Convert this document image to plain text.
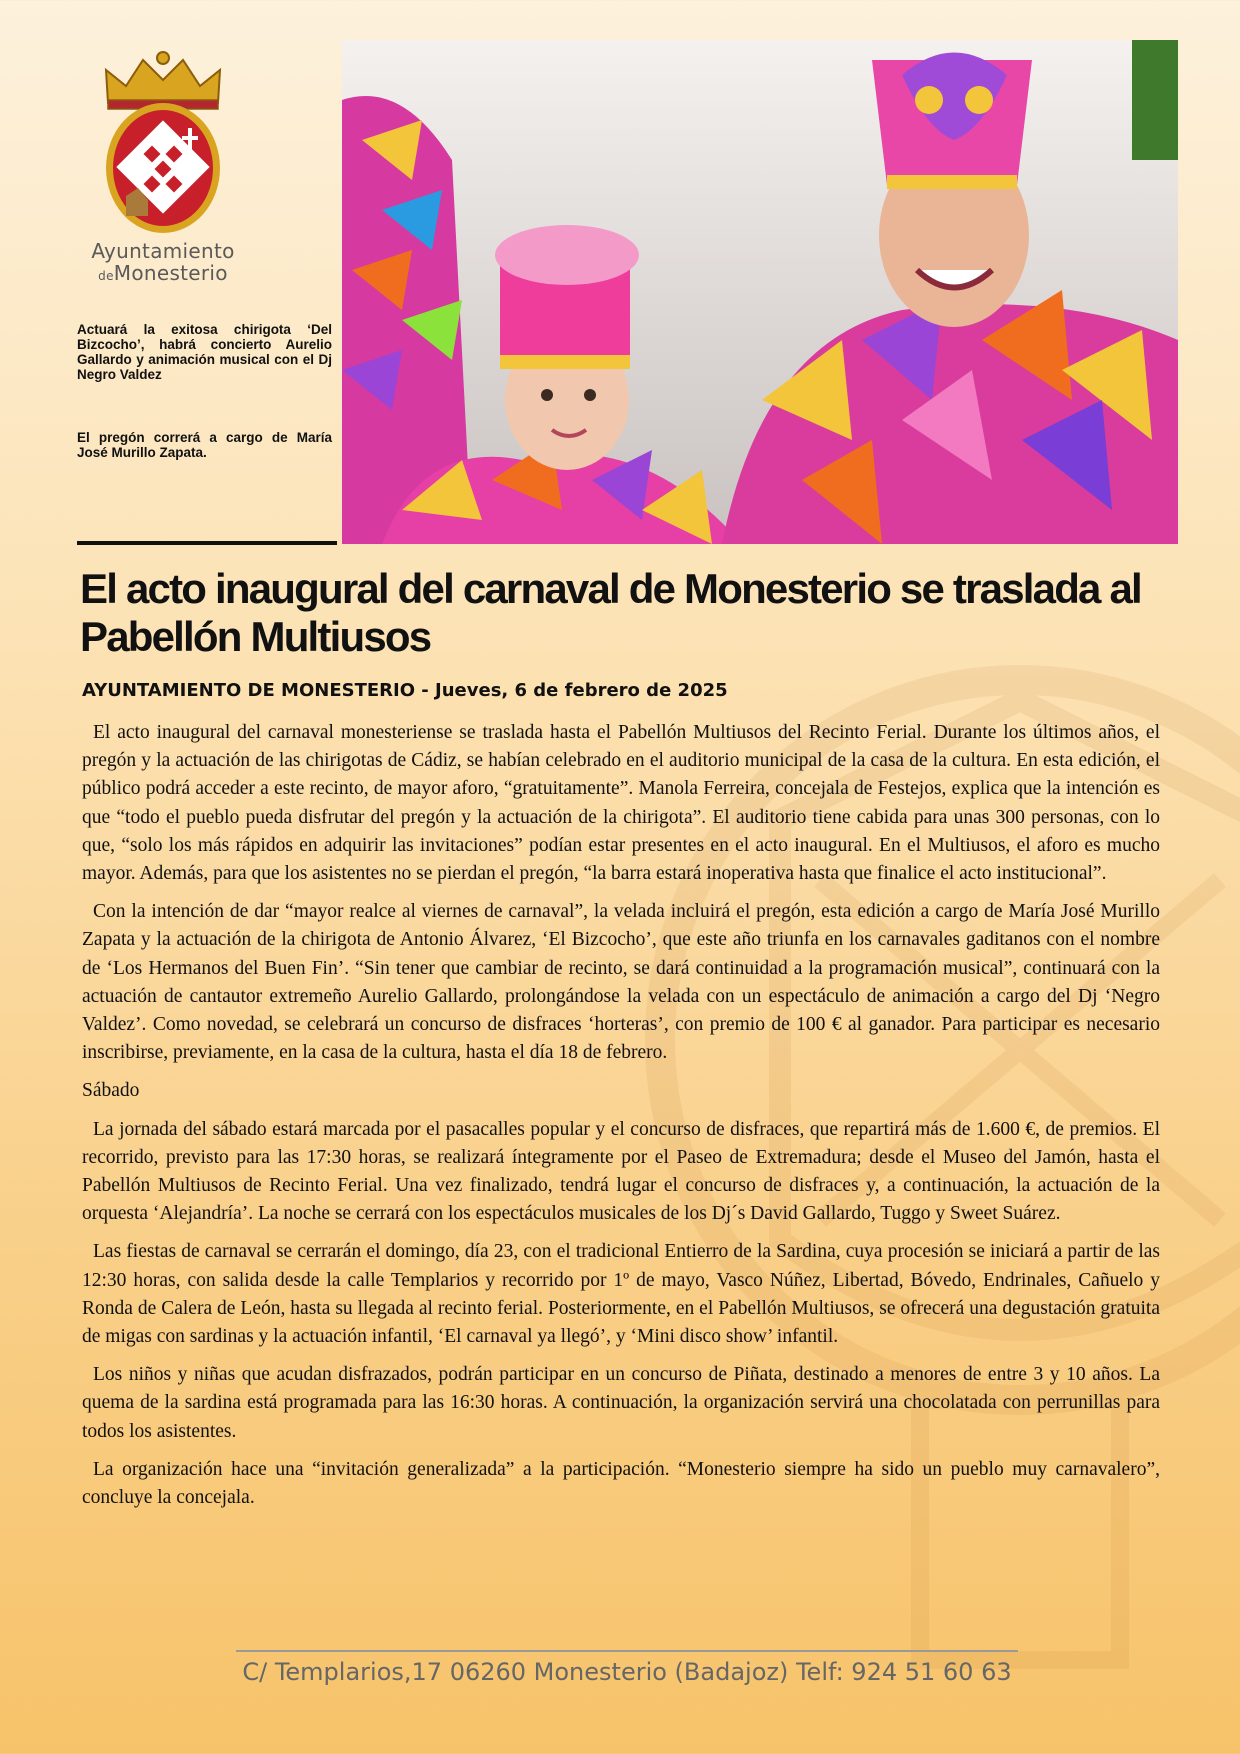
Ayuntamiento
deMonesterio

Actuará la exitosa chirigota ‘Del Bizcocho’, habrá concierto Aurelio Gallardo y animación musical con el Dj Negro Valdez

El pregón correrá a cargo de María José Murillo Zapata.

El acto inaugural del carnaval de Monesterio se traslada al Pabellón Multiusos

AYUNTAMIENTO DE MONESTERIO - Jueves, 6 de febrero de 2025

El acto inaugural del carnaval monesteriense se traslada hasta el Pabellón Multiusos del Recinto Ferial. Durante los últimos años, el pregón y la actuación de las chirigotas de Cádiz, se habían celebrado en el auditorio municipal de la casa de la cultura. En esta edición, el público podrá acceder a este recinto, de mayor aforo, “gratuitamente”. Manola Ferreira, concejala de Festejos, explica que la intención es que “todo el pueblo pueda disfrutar del pregón y la actuación de la chirigota”. El auditorio tiene cabida para unas 300 personas, con lo que, “solo los más rápidos en adquirir las invitaciones” podían estar presentes en el acto inaugural. En el Multiusos, el aforo es mucho mayor. Además, para que los asistentes no se pierdan el pregón, “la barra estará inoperativa hasta que finalice el acto institucional”.

Con la intención de dar “mayor realce al viernes de carnaval”, la velada incluirá el pregón, esta edición a cargo de María José Murillo Zapata y la actuación de la chirigota de Antonio Álvarez, ‘El Bizcocho’, que este año triunfa en los carnavales gaditanos con el nombre de ‘Los Hermanos del Buen Fin’. “Sin tener que cambiar de recinto, se dará continuidad a la programación musical”, continuará con la actuación de cantautor extremeño Aurelio Gallardo, prolongándose la velada con un espectáculo de animación a cargo del Dj ‘Negro Valdez’. Como novedad, se celebrará un concurso de disfraces ‘horteras’, con premio de 100 € al ganador. Para participar es necesario inscribirse, previamente, en la casa de la cultura, hasta el día 18 de febrero.

Sábado

La jornada del sábado estará marcada por el pasacalles popular y el concurso de disfraces, que repartirá más de 1.600 €, de premios. El recorrido, previsto para las 17:30 horas, se realizará íntegramente por el Paseo de Extremadura; desde el Museo del Jamón, hasta el Pabellón Multiusos de Recinto Ferial. Una vez finalizado, tendrá lugar el concurso de disfraces y, a continuación, la actuación de la orquesta ‘Alejandría’. La noche se cerrará con los espectáculos musicales de los Dj´s David Gallardo, Tuggo y Sweet Suárez.

Las fiestas de carnaval se cerrarán el domingo, día 23, con el tradicional Entierro de la Sardina, cuya procesión se iniciará a partir de las 12:30 horas, con salida desde la calle Templarios y recorrido por 1º de mayo, Vasco Núñez, Libertad, Bóvedo, Endrinales, Cañuelo y Ronda de Calera de León, hasta su llegada al recinto ferial. Posteriormente, en el Pabellón Multiusos, se ofrecerá una degustación gratuita de migas con sardinas y la actuación infantil, ‘El carnaval ya llegó’, y ‘Mini disco show’ infantil.

Los niños y niñas que acudan disfrazados, podrán participar en un concurso de Piñata, destinado a menores de entre 3 y 10 años. La quema de la sardina está programada para las 16:30 horas. A continuación, la organización servirá una chocolatada con perrunillas para todos los asistentes.

La organización hace una “invitación generalizada” a la participación. “Monesterio siempre ha sido un pueblo muy carnavalero”, concluye la concejala.

C/ Templarios,17 06260 Monesterio (Badajoz) Telf: 924 51 60 63
